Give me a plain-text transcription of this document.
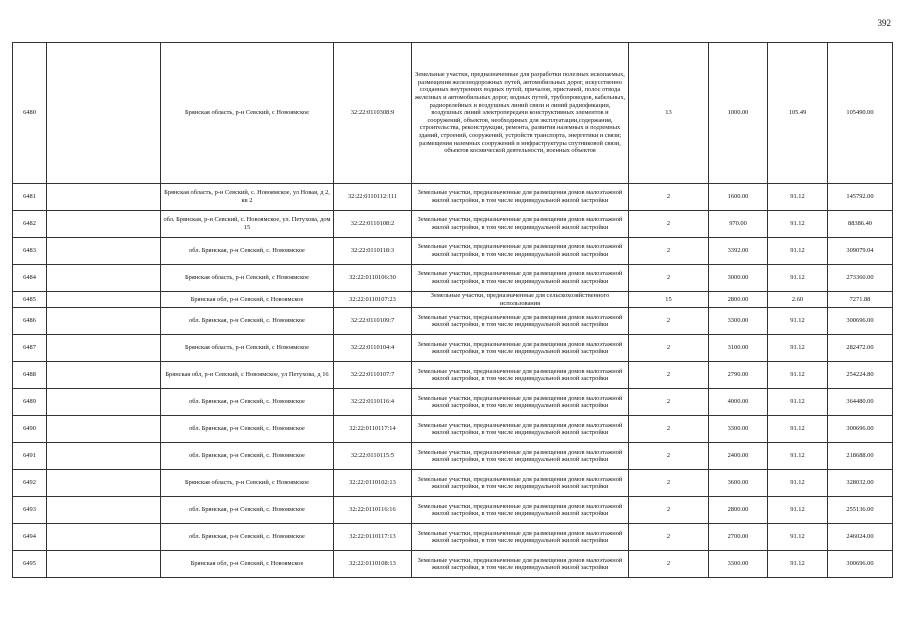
392
6480		Брянская область, р-н Севский, с Новоямское	32:22:0110308:9	Земельные участки, предназначенные для разработки полезных ископаемых, размещения железнодорожных путей, автомобильных дорог, искусственно созданных внутренних водных путей, причалов, пристаней, полос отвода железных и автомобильных дорог, водных путей, трубопроводов, кабельных, радиорелейных и воздушных линий связи и линий радиофикации, воздушных линий электропередачи конструктивных элементов и сооружений, объектов, необходимых для эксплуатации,содержания, строительства, реконструкции, ремонта, развития наземных и подземных зданий, строений, сооружений, устройств транспорта, энергетики и связи; размещения наземных сооружений и инфраструктуры спутниковой связи, объектов космической деятельности, военных объектов	13	1000.00	105.49	105490.00
6481		Брянская область, р-н Севский, с. Новоямское, ул Новая, д 2, кв 2	32:22:0110112:111	Земельные участки, предназначенные для размещения домов малоэтажной жилой застройки, в том числе индивидуальной жилой застройки	2	1600.00	91.12	145792.00
6482		обл. Брянская, р-н Севский, с. Новоямское, ул. Петухова, дом 15	32:22:0110108:2	Земельные участки, предназначенные для размещения домов малоэтажной жилой застройки, в том числе индивидуальной жилой застройки	2	970.00	91.12	88386.40
6483		обл. Брянская, р-н Севский, с. Новоямское	32:22:0110118:3	Земельные участки, предназначенные для размещения домов малоэтажной жилой застройки, в том числе индивидуальной жилой застройки	2	3392.00	91.12	309079.04
6484		Брянская область, р-н Севский, с Новоямское	32:22:0110106:30	Земельные участки, предназначенные для размещения домов малоэтажной жилой застройки, в том числе индивидуальной жилой застройки	2	3000.00	91.12	273360.00
6485		Брянская обл, р-н Севский, с Новоямское	32:22:0110107:23	Земельные участки, предназначенные для сельскохозяйственного использования	15	2800.00	2.60	7271.88
6486		обл. Брянская, р-н Севский, с. Новоямское	32:22:0110109:7	Земельные участки, предназначенные для размещения домов малоэтажной жилой застройки, в том числе индивидуальной жилой застройки	2	3300.00	91.12	300696.00
6487		Брянская область, р-н Севский, с Новоямское	32:22:0110104:4	Земельные участки, предназначенные для размещения домов малоэтажной жилой застройки, в том числе индивидуальной жилой застройки	2	3100.00	91.12	282472.00
6488		Брянская обл, р-н Севский, с Новоямское, ул Петухова, д 16	32:22:0110107:7	Земельные участки, предназначенные для размещения домов малоэтажной жилой застройки, в том числе индивидуальной жилой застройки	2	2790.00	91.12	254224.80
6489		обл. Брянская, р-н Севский, с. Новоямское	32:22:0110116:4	Земельные участки, предназначенные для размещения домов малоэтажной жилой застройки, в том числе индивидуальной жилой застройки	2	4000.00	91.12	364480.00
6490		обл. Брянская, р-н Севский, с. Новоямское	32:22:0110117:14	Земельные участки, предназначенные для размещения домов малоэтажной жилой застройки, в том числе индивидуальной жилой застройки	2	3300.00	91.12	300696.00
6491		обл. Брянская, р-н Севский, с. Новоямское	32:22:0110115:5	Земельные участки, предназначенные для размещения домов малоэтажной жилой застройки, в том числе индивидуальной жилой застройки	2	2400.00	91.12	218688.00
6492		Брянская область, р-н Севский, с Новоямское	32:22:0110102:13	Земельные участки, предназначенные для размещения домов малоэтажной жилой застройки, в том числе индивидуальной жилой застройки	2	3600.00	91.12	328032.00
6493		обл. Брянская, р-н Севский, с. Новоямское	32:22:0110116:16	Земельные участки, предназначенные для размещения домов малоэтажной жилой застройки, в том числе индивидуальной жилой застройки	2	2800.00	91.12	255136.00
6494		обл. Брянская, р-н Севский, с. Новоямское	32:22:0110117:13	Земельные участки, предназначенные для размещения домов малоэтажной жилой застройки, в том числе индивидуальной жилой застройки	2	2700.00	91.12	246024.00
6495		Брянская обл, р-н Севский, с Новоямское	32:22:0110108:13	Земельные участки, предназначенные для размещения домов малоэтажной жилой застройки, в том числе индивидуальной жилой застройки	2	3300.00	91.12	300696.00
